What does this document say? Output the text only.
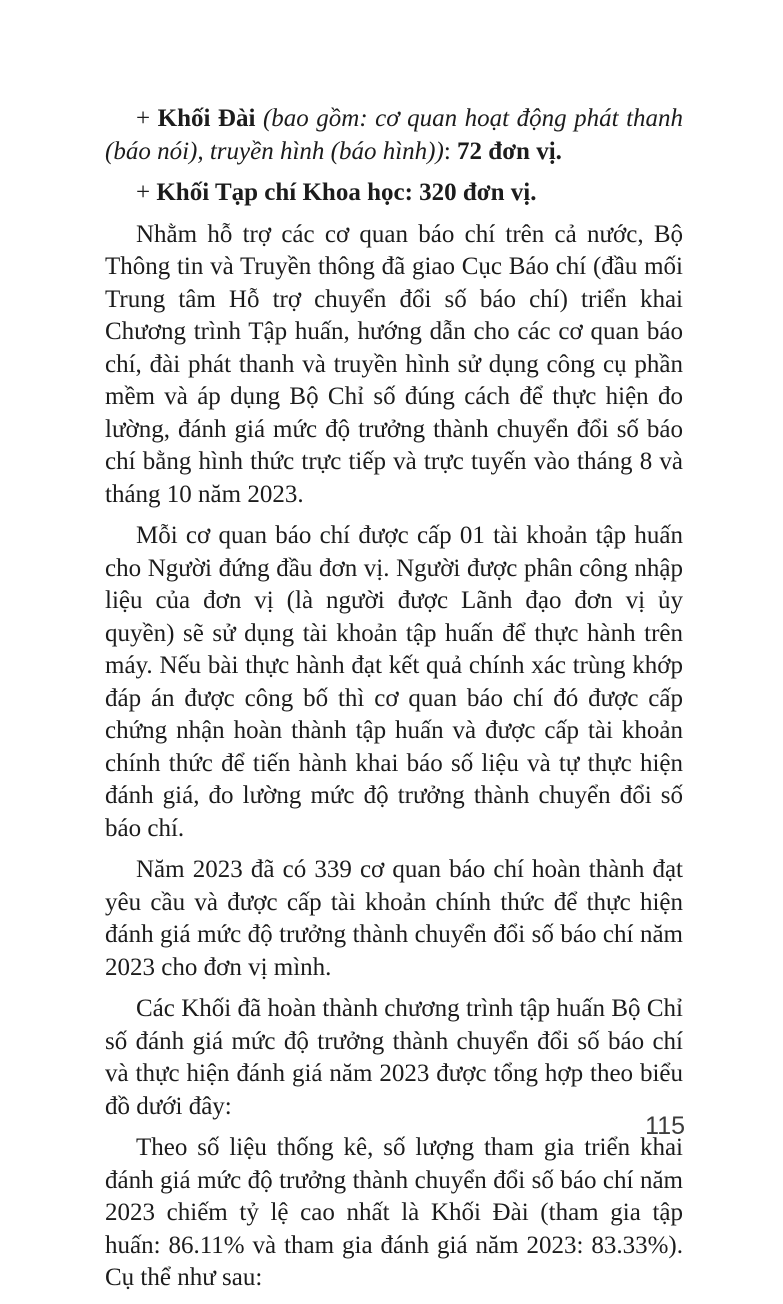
+ Khối Đài (bao gồm: cơ quan hoạt động phát thanh (báo nói), truyền hình (báo hình)): 72 đơn vị.

+ Khối Tạp chí Khoa học: 320 đơn vị.

Nhằm hỗ trợ các cơ quan báo chí trên cả nước, Bộ Thông tin và Truyền thông đã giao Cục Báo chí (đầu mối Trung tâm Hỗ trợ chuyển đổi số báo chí) triển khai Chương trình Tập huấn, hướng dẫn cho các cơ quan báo chí, đài phát thanh và truyền hình sử dụng công cụ phần mềm và áp dụng Bộ Chỉ số đúng cách để thực hiện đo lường, đánh giá mức độ trưởng thành chuyển đổi số báo chí bằng hình thức trực tiếp và trực tuyến vào tháng 8 và tháng 10 năm 2023.

Mỗi cơ quan báo chí được cấp 01 tài khoản tập huấn cho Người đứng đầu đơn vị. Người được phân công nhập liệu của đơn vị (là người được Lãnh đạo đơn vị ủy quyền) sẽ sử dụng tài khoản tập huấn để thực hành trên máy. Nếu bài thực hành đạt kết quả chính xác trùng khớp đáp án được công bố thì cơ quan báo chí đó được cấp chứng nhận hoàn thành tập huấn và được cấp tài khoản chính thức để tiến hành khai báo số liệu và tự thực hiện đánh giá, đo lường mức độ trưởng thành chuyển đổi số báo chí.

Năm 2023 đã có 339 cơ quan báo chí hoàn thành đạt yêu cầu và được cấp tài khoản chính thức để thực hiện đánh giá mức độ trưởng thành chuyển đổi số báo chí năm 2023 cho đơn vị mình.

Các Khối đã hoàn thành chương trình tập huấn Bộ Chỉ số đánh giá mức độ trưởng thành chuyển đổi số báo chí và thực hiện đánh giá năm 2023 được tổng hợp theo biểu đồ dưới đây:

Theo số liệu thống kê, số lượng tham gia triển khai đánh giá mức độ trưởng thành chuyển đổi số báo chí năm 2023 chiếm tỷ lệ cao nhất là Khối Đài (tham gia tập huấn: 86.11% và tham gia đánh giá năm 2023: 83.33%). Cụ thể như sau:

115
